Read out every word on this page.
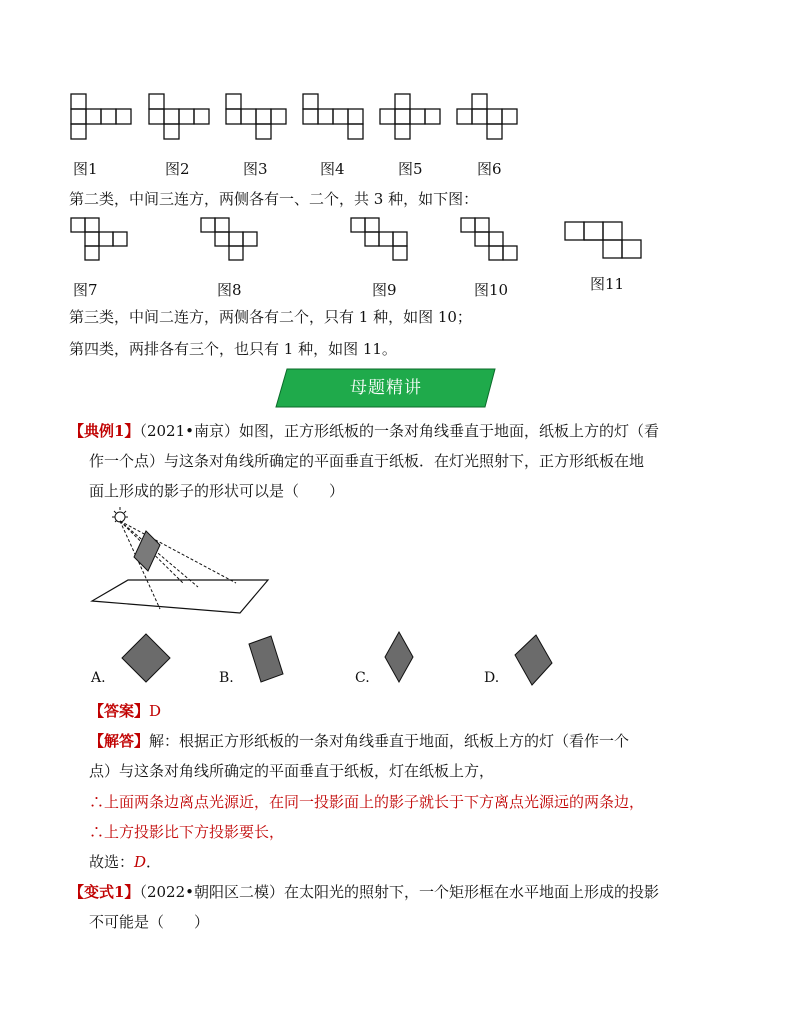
图1	图2	图3	图4	图5	图6
第二类，中间三连方，两侧各有一、二个，共 3 种，如下图：
图7	图8	图9	图10	图11
第三类，中间二连方，两侧各有二个，只有 1 种，如图 10；
第四类，两排各有三个，也只有 1 种，如图 11。
母题精讲
【典例1】（2021•南京）如图，正方形纸板的一条对角线垂直于地面，纸板上方的灯（看
作一个点）与这条对角线所确定的平面垂直于纸板．在灯光照射下，正方形纸板在地
面上形成的影子的形状可以是（　　）
A.	B.	C.	D.
【答案】D
【解答】解：根据正方形纸板的一条对角线垂直于地面，纸板上方的灯（看作一个
点）与这条对角线所确定的平面垂直于纸板，灯在纸板上方，
∴上面两条边离点光源近，在同一投影面上的影子就长于下方离点光源远的两条边，
∴上方投影比下方投影要长，
故选：D．
【变式1】（2022•朝阳区二模）在太阳光的照射下，一个矩形框在水平地面上形成的投影
不可能是（　　）
